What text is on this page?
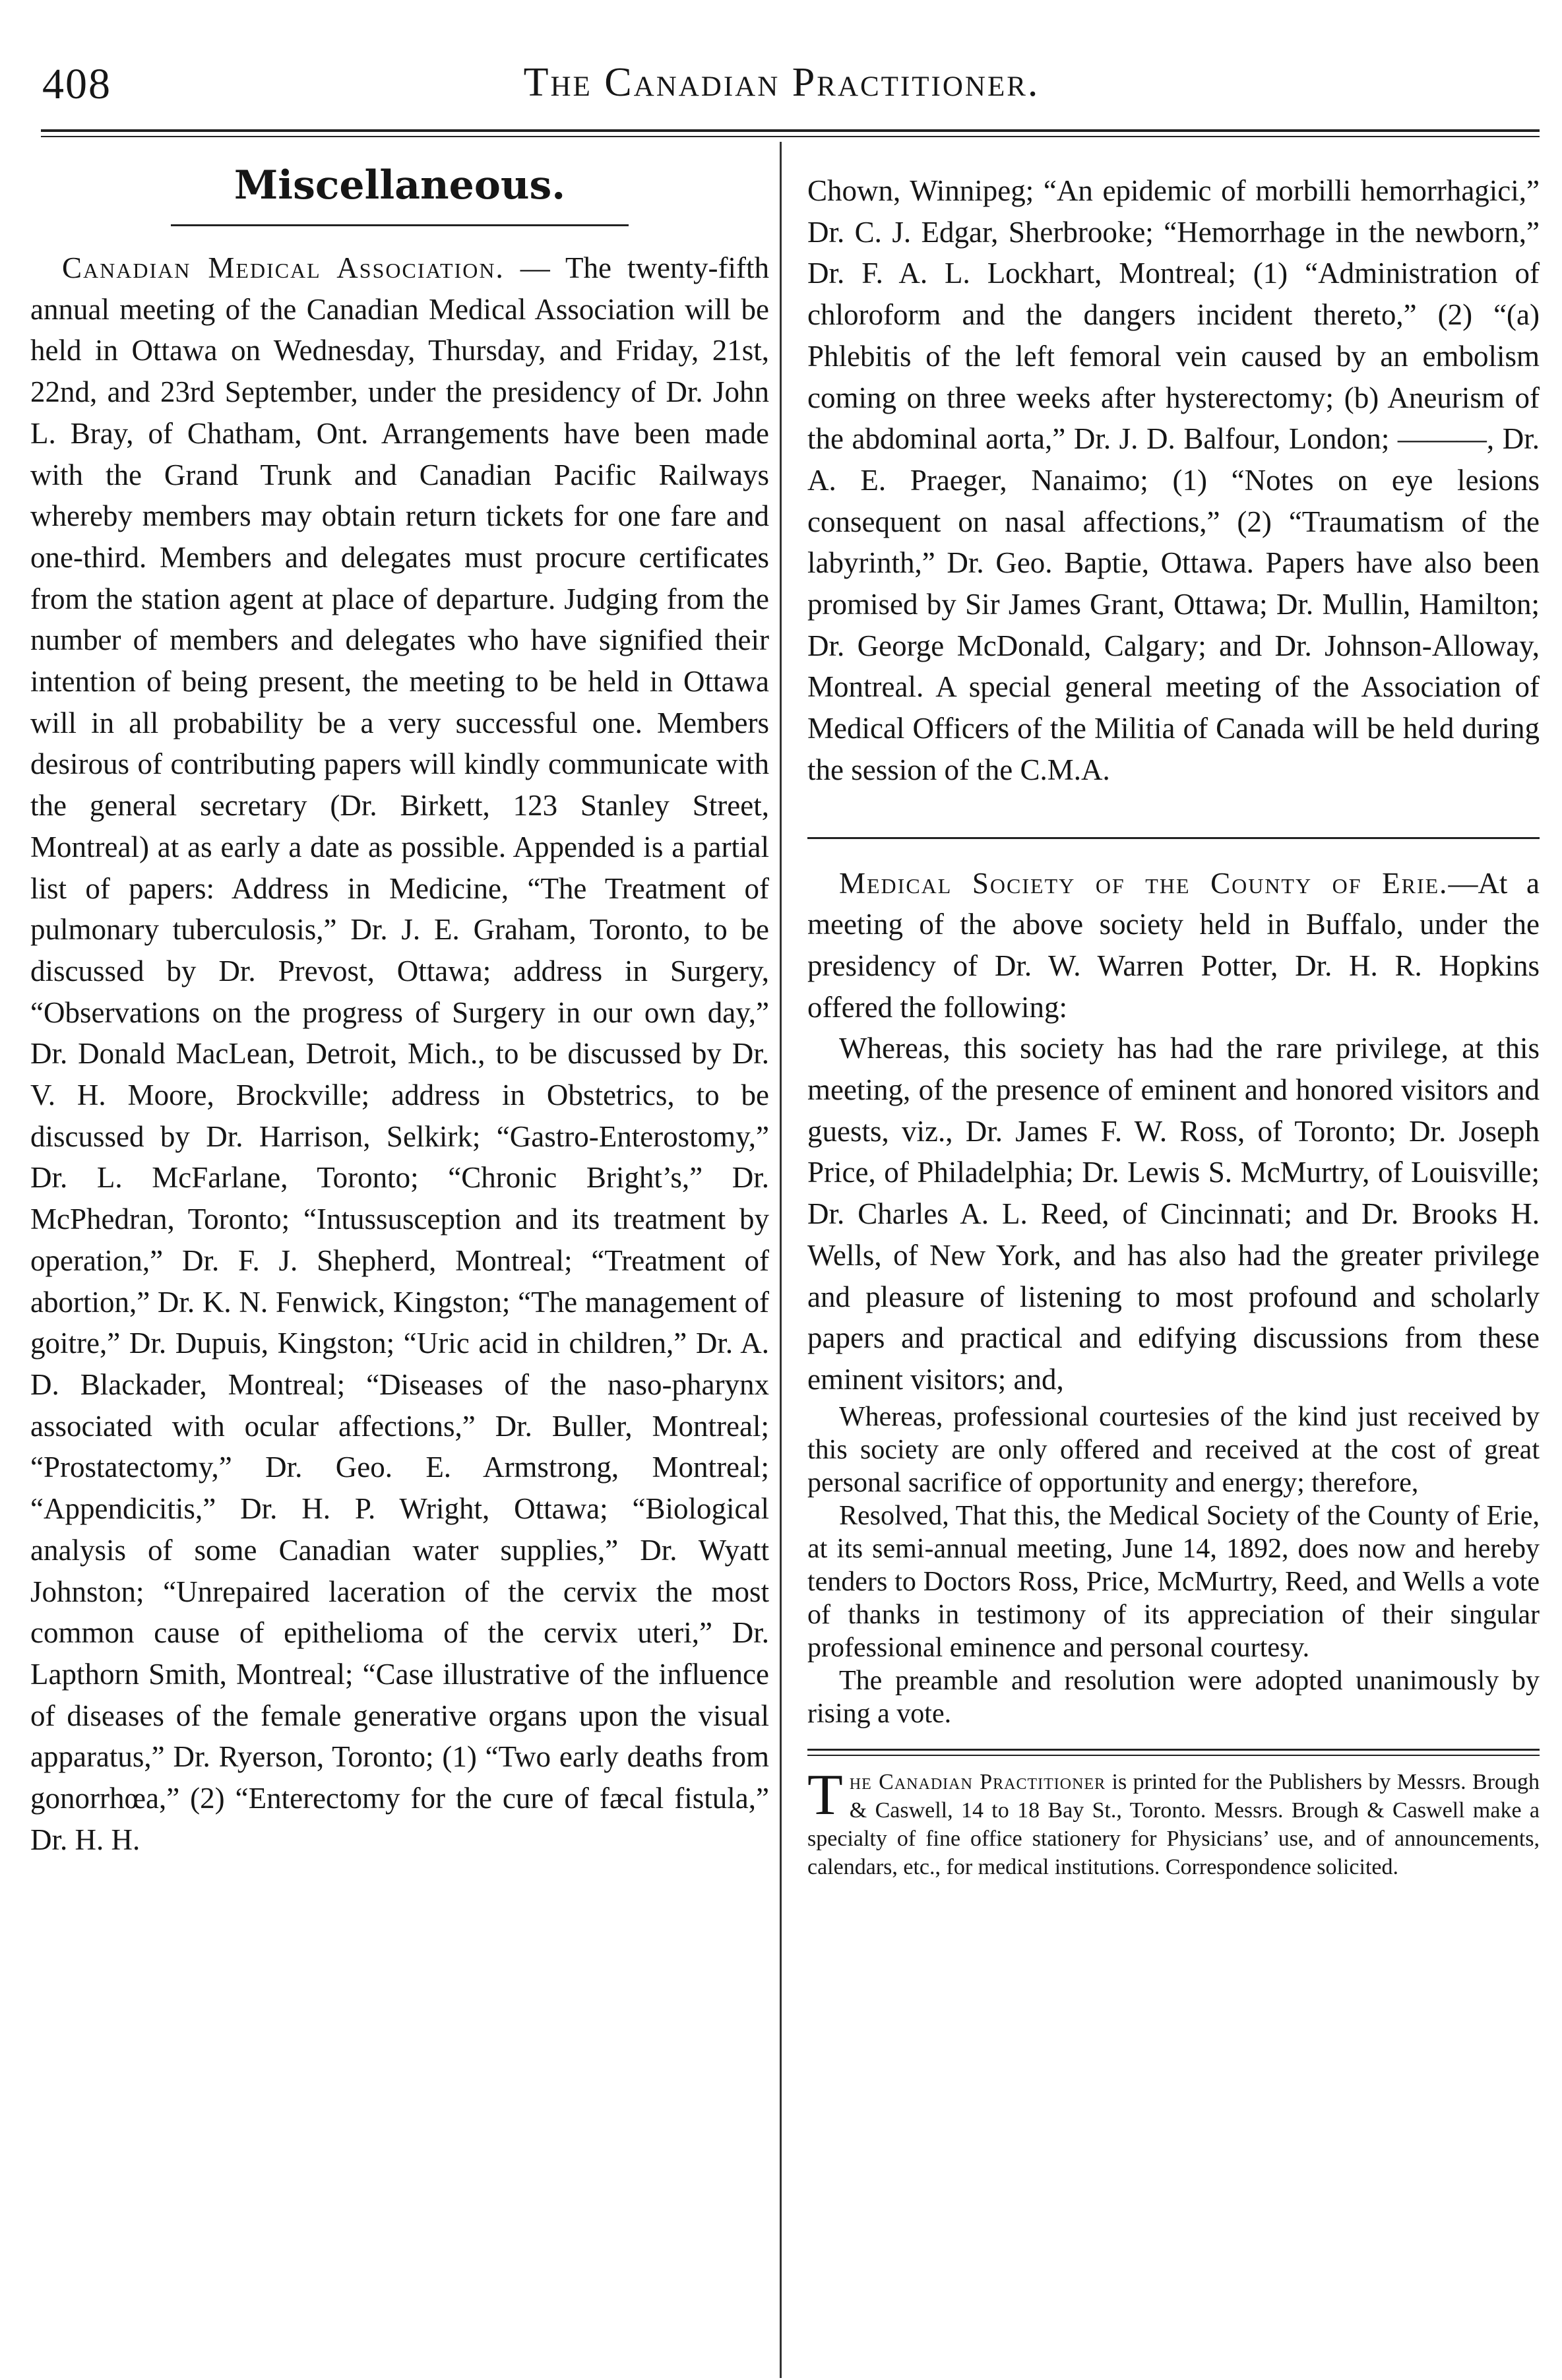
408	The Canadian Practitioner.
Miscellaneous.

Canadian Medical Association. — The twenty-fifth annual meeting of the Canadian Medical Association will be held in Ottawa on Wednesday, Thursday, and Friday, 21st, 22nd, and 23rd September, under the presidency of Dr. John L. Bray, of Chatham, Ont. Arrangements have been made with the Grand Trunk and Canadian Pacific Railways whereby members may obtain return tickets for one fare and one-third. Members and delegates must procure certificates from the station agent at place of departure. Judging from the number of members and delegates who have signified their intention of being present, the meeting to be held in Ottawa will in all probability be a very successful one. Members desirous of contributing papers will kindly communicate with the general secretary (Dr. Birkett, 123 Stanley Street, Montreal) at as early a date as possible. Appended is a partial list of papers: Address in Medicine, “The Treatment of pulmonary tuberculosis,” Dr. J. E. Graham, Toronto, to be discussed by Dr. Prevost, Ottawa; address in Surgery, “Observations on the progress of Surgery in our own day,” Dr. Donald MacLean, Detroit, Mich., to be discussed by Dr. V. H. Moore, Brockville; address in Obstetrics, to be discussed by Dr. Harrison, Selkirk; “Gastro-Enterostomy,” Dr. L. McFarlane, Toronto; “Chronic Bright’s,” Dr. McPhedran, Toronto; “Intussusception and its treatment by operation,” Dr. F. J. Shepherd, Montreal; “Treatment of abortion,” Dr. K. N. Fenwick, Kingston; “The management of goitre,” Dr. Dupuis, Kingston; “Uric acid in children,” Dr. A. D. Blackader, Montreal; “Diseases of the naso-pharynx associated with ocular affections,” Dr. Buller, Montreal; “Prostatectomy,” Dr. Geo. E. Armstrong, Montreal; “Appendicitis,” Dr. H. P. Wright, Ottawa; “Biological analysis of some Canadian water supplies,” Dr. Wyatt Johnston; “Unrepaired laceration of the cervix the most common cause of epithelioma of the cervix uteri,” Dr. Lapthorn Smith, Montreal; “Case illustrative of the influence of diseases of the female generative organs upon the visual apparatus,” Dr. Ryerson, Toronto; (1) “Two early deaths from gonorrhœa,” (2) “Enterectomy for the cure of fæcal fistula,” Dr. H. H.

Chown, Winnipeg; “An epidemic of morbilli hemorrhagici,” Dr. C. J. Edgar, Sherbrooke; “Hemorrhage in the newborn,” Dr. F. A. L. Lockhart, Montreal; (1) “Administration of chloroform and the dangers incident thereto,” (2) “(a) Phlebitis of the left femoral vein caused by an embolism coming on three weeks after hysterectomy; (b) Aneurism of the abdominal aorta,” Dr. J. D. Balfour, London; ———, Dr. A. E. Praeger, Nanaimo; (1) “Notes on eye lesions consequent on nasal affections,” (2) “Traumatism of the labyrinth,” Dr. Geo. Baptie, Ottawa. Papers have also been promised by Sir James Grant, Ottawa; Dr. Mullin, Hamilton; Dr. George McDonald, Calgary; and Dr. Johnson-Alloway, Montreal. A special general meeting of the Association of Medical Officers of the Militia of Canada will be held during the session of the C.M.A.

Medical Society of the County of Erie.—At a meeting of the above society held in Buffalo, under the presidency of Dr. W. Warren Potter, Dr. H. R. Hopkins offered the following:

Whereas, this society has had the rare privilege, at this meeting, of the presence of eminent and honored visitors and guests, viz., Dr. James F. W. Ross, of Toronto; Dr. Joseph Price, of Philadelphia; Dr. Lewis S. McMurtry, of Louisville; Dr. Charles A. L. Reed, of Cincinnati; and Dr. Brooks H. Wells, of New York, and has also had the greater privilege and pleasure of listening to most profound and scholarly papers and practical and edifying discussions from these eminent visitors; and,

Whereas, professional courtesies of the kind just received by this society are only offered and received at the cost of great personal sacrifice of opportunity and energy; therefore,

Resolved, That this, the Medical Society of the County of Erie, at its semi-annual meeting, June 14, 1892, does now and hereby tenders to Doctors Ross, Price, McMurtry, Reed, and Wells a vote of thanks in testimony of its appreciation of their singular professional eminence and personal courtesy.

The preamble and resolution were adopted unanimously by rising a vote.

The Canadian Practitioner is printed for the Publishers by Messrs. Brough & Caswell, 14 to 18 Bay St., Toronto. Messrs. Brough & Caswell make a specialty of fine office stationery for Physicians’ use, and of announcements, calendars, etc., for medical institutions. Correspondence solicited.
